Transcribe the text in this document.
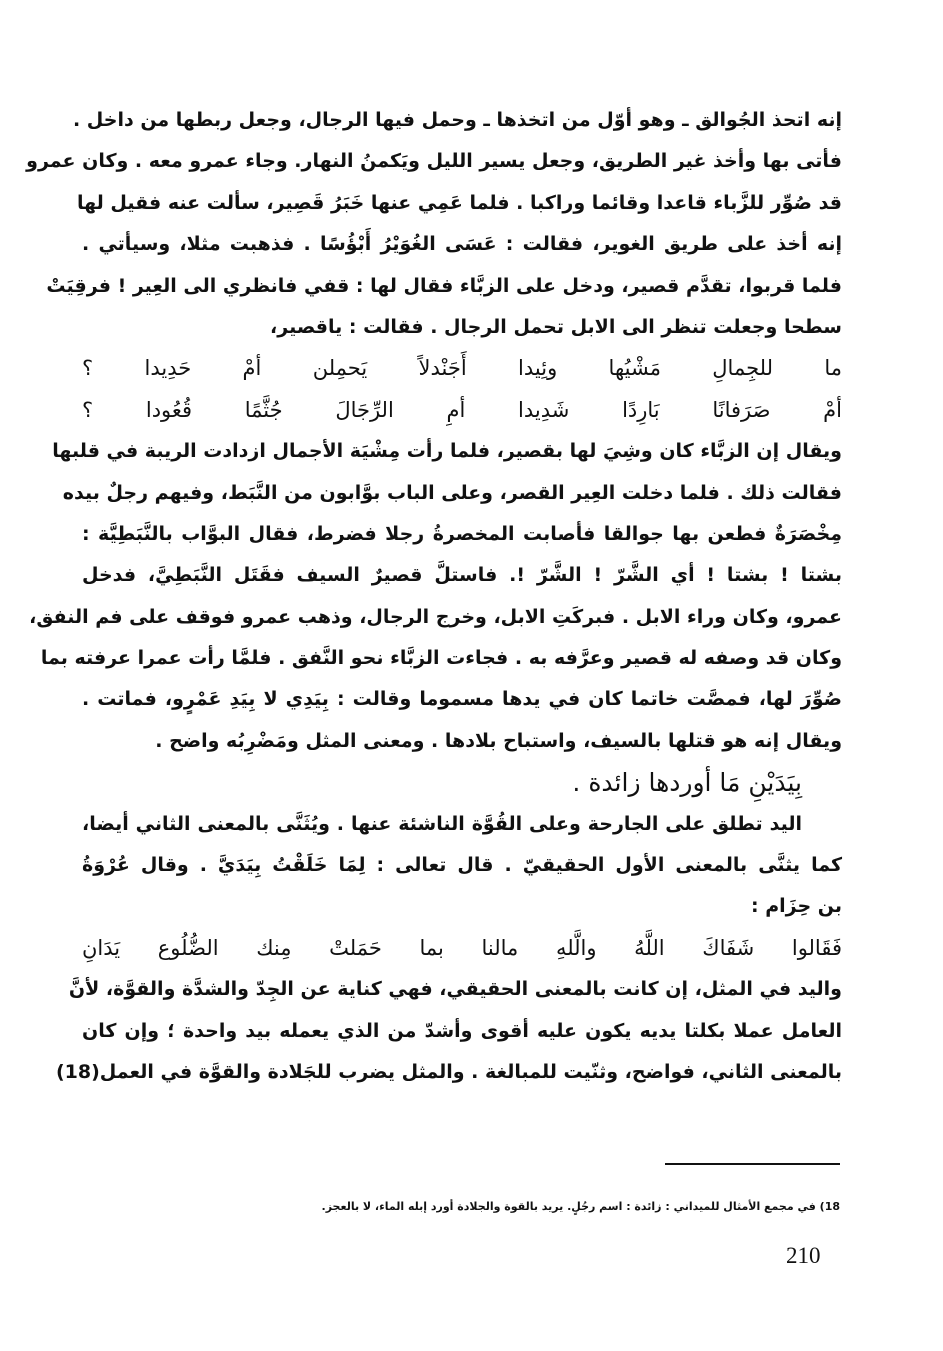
إنه اتحذ الجُوالق ـ وهو أوّل من اتخذها ـ وحمل فيها الرجال، وجعل ربطها من داخل .
فأتى بها وأخذ غير الطريق، وجعل يسير الليل ويَكمنُ النهار. وجاء عمرو معه . وكان عمرو
قد صُوِّر للزَّباء قاعدا وقائما وراكبا . فلما عَمِي عنها خَبَرُ قَصِير، سألت عنه فقيل لها
إنه أخذ على طريق الغوير، فقالت : عَسَى الغُوَيْرُ أَبْؤُسًا . فذهبت مثلا، وسيأتي .
فلما قربوا، تقدَّم قصير، ودخل على الزبَّاء فقال لها : قفي فانظري الى العِير ! فرقِيَتْ
سطحا وجعلت تنظر الى الابل تحمل الرجال . فقالت : ياقصير،
ما للجِمالِ مَشْيُها وئِيدا أَجَنْدلاً يَحمِلن أمْ حَدِيدا ؟
أمْ صَرَفانًا بَارِدًا شَدِيدا أمِ الرِّجَالَ جُثَّمًا قُعُودا ؟
ويقال إن الزبَّاء كان وشِيَ لها بقصير، فلما رأت مِشْيَة الأجمال ازدادت الريبة في قلبها
فقالت ذلك . فلما دخلت العِير القصر، وعلى الباب بوَّابون من النَّبَط، وفيهم رجلٌ بيده
مِخْصَرَةٌ فطعن بها جوالقا فأصابت المخصرةُ رجلا فضرط، فقال البوَّاب بالنَّبَطِيَّة :
بشتا ! بشتا ! أي الشَّرّ ! الشَّرّ !. فاستلَّ قصيرٌ السيف فقَتَل النَّبَطِيَّ، فدخل
عمرو، وكان وراء الابل . فبركَتِ الابل، وخرج الرجال، وذهب عمرو فوقف على فم النفق،
وكان قد وصفه له قصير وعرَّفه به . فجاءت الزبَّاء نحو النَّفق . فلمَّا رأت عمرا عرفته بما
صُوِّرَ لها، فمصَّت خاتما كان في يدها مسموما وقالت : بِيَدِي لا بِيَدِ عَمْرٍو، فماتت .
ويقال إنه هو قتلها بالسيف، واستباح بلادها . ومعنى المثل ومَضْرِبُه واضح .
بِيَدَيْنِ مَا أوردها زائدة .
اليد تطلق على الجارحة وعلى القُوَّة الناشئة عنها . ويُثَنَّى بالمعنى الثاني أيضا،
كما يثنَّى بالمعنى الأول الحقيقيّ . قال تعالى : لِمَا خَلَقْتُ بِيَدَيَّ . وقال عُرْوَةُ
بن حِزَام :
فَقَالوا شَفَاكَ اللَّهُ والَّلهِ مالنا بما حَمَلتْ مِنك الضُّلُوع يَدَانِ
واليد في المثل، إن كانت بالمعنى الحقيقي، فهي كناية عن الجِدّ والشدَّة والقوَّة، لأنَّ
العامل عملا بكلتا يديه يكون عليه أقوى وأشدّ من الذي يعمله بيد واحدة ؛ وإن كان
بالمعنى الثاني، فواضح، وثنّيت للمبالغة . والمثل يضرب للجَلادة والقوَّة في العمل(18)
18) في مجمع الأمثال للميداني : زائدة : اسم رجُلٍ. يريد بالقوة والجلادة أورد إبله الماء، لا بالعجز.
210
